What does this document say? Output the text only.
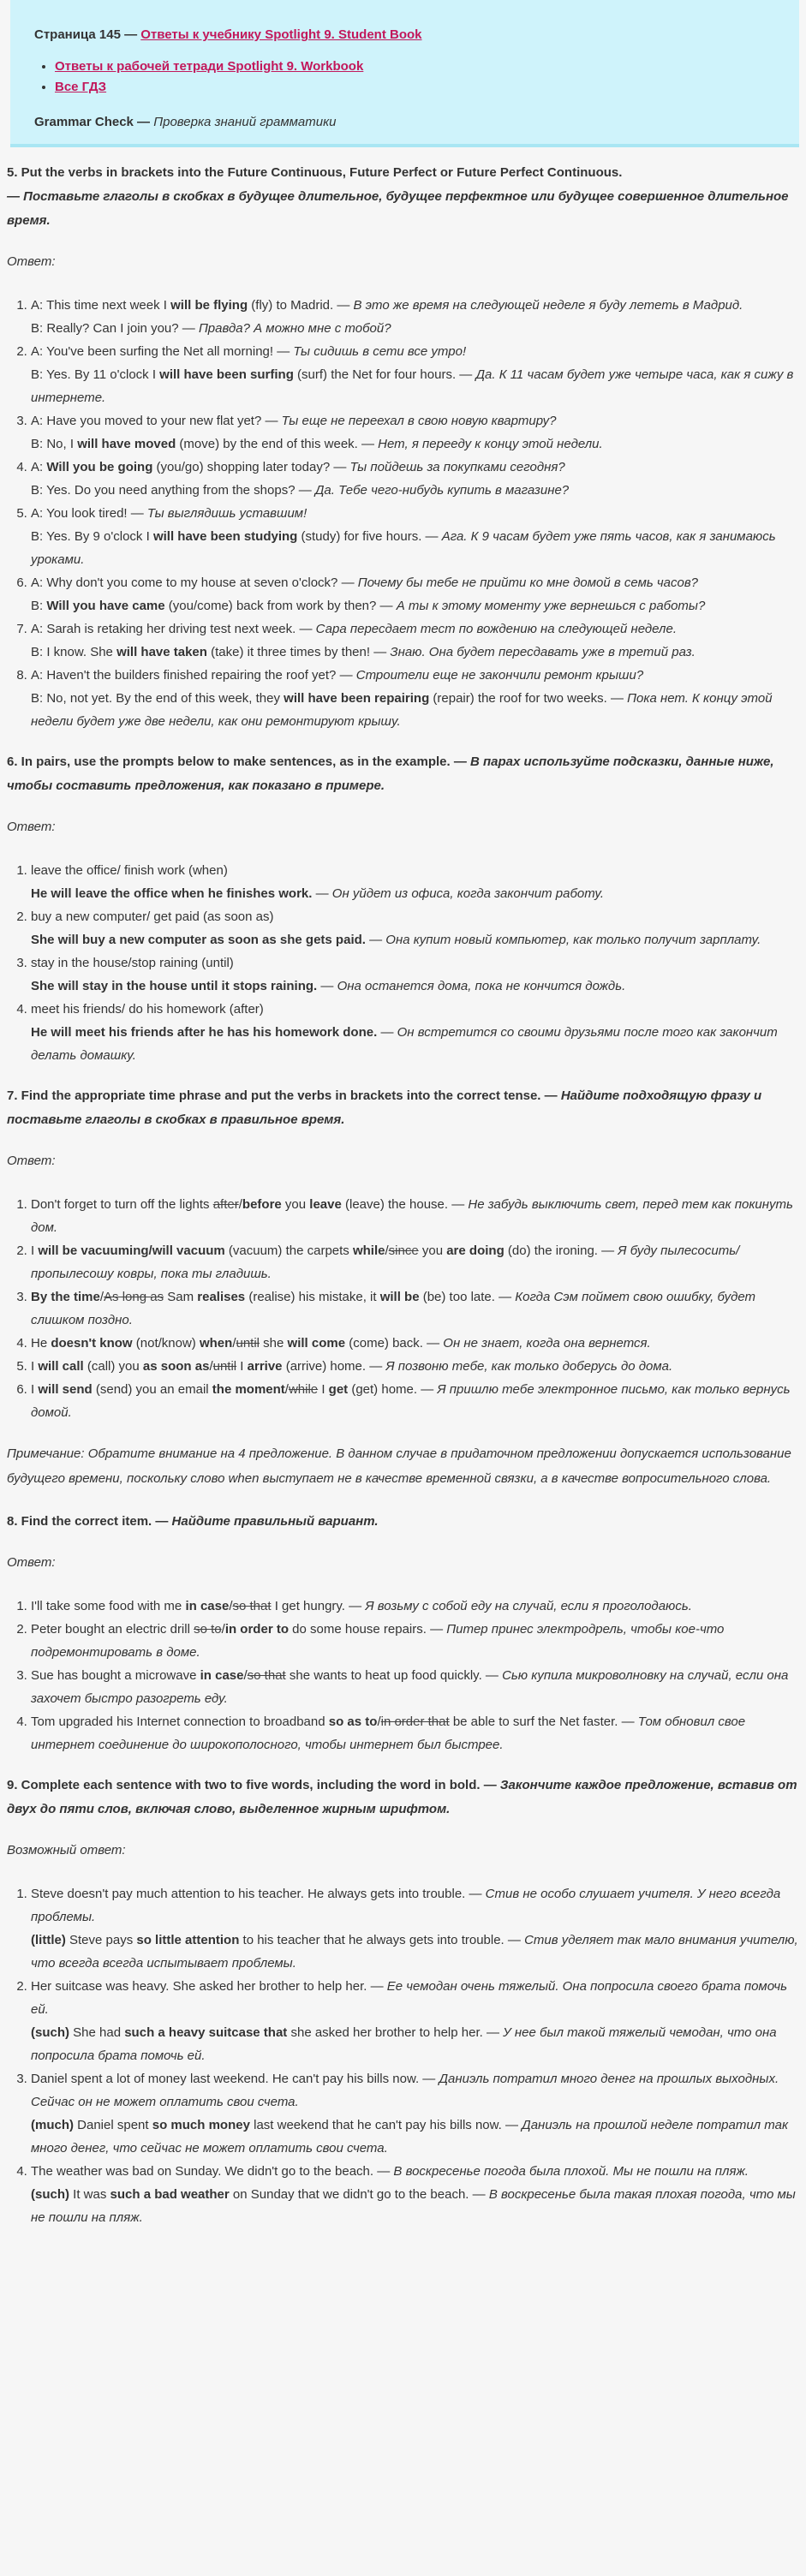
Страница 145 — Ответы к учебнику Spotlight 9. Student Book
• Ответы к рабочей тетради Spotlight 9. Workbook
• Все ГДЗ
Grammar Check — Проверка знаний грамматики
5. Put the verbs in brackets into the Future Continuous, Future Perfect or Future Perfect Continuous.
— Поставьте глаголы в скобках в будущее длительное, будущее перфектное или будущее совершенное длительное время.
Ответ:
1. A: This time next week I will be flying (fly) to Madrid. — В это же время на следующей неделе я буду лететь в Мадрид.
B: Really? Can I join you? — Правда? А можно мне с тобой?
2. A: You've been surfing the Net all morning! — Ты сидишь в сети все утро!
B: Yes. By 11 o'clock I will have been surfing (surf) the Net for four hours. — Да. К 11 часам будет уже четыре часа, как я сижу в интернете.
3. A: Have you moved to your new flat yet? — Ты еще не переехал в свою новую квартиру?
B: No, I will have moved (move) by the end of this week. — Нет, я перееду к концу этой недели.
4. A: Will you be going (you/go) shopping later today? — Ты пойдешь за покупками сегодня?
B: Yes. Do you need anything from the shops? — Да. Тебе чего-нибудь купить в магазине?
5. A: You look tired! — Ты выглядишь уставшим!
B: Yes. By 9 o'clock I will have been studying (study) for five hours. — Ага. К 9 часам будет уже пять часов, как я занимаюсь уроками.
6. A: Why don't you come to my house at seven o'clock? — Почему бы тебе не прийти ко мне домой в семь часов?
B: Will you have came (you/come) back from work by then? — А ты к этому моменту уже вернешься с работы?
7. A: Sarah is retaking her driving test next week. — Сара пересдает тест по вождению на следующей неделе.
B: I know. She will have taken (take) it three times by then! — Знаю. Она будет пересдавать уже в третий раз.
8. A: Haven't the builders finished repairing the roof yet? — Строители еще не закончили ремонт крыши?
B: No, not yet. By the end of this week, they will have been repairing (repair) the roof for two weeks. — Пока нет. К концу этой недели будет уже две недели, как они ремонтируют крышу.
6. In pairs, use the prompts below to make sentences, as in the example. — В парах используйте подсказки, данные ниже, чтобы составить предложения, как показано в примере.
Ответ:
1. leave the office/ finish work (when)
He will leave the office when he finishes work. — Он уйдет из офиса, когда закончит работу.
2. buy a new computer/ get paid (as soon as)
She will buy a new computer as soon as she gets paid. — Она купит новый компьютер, как только получит зарплату.
3. stay in the house/stop raining (until)
She will stay in the house until it stops raining. — Она останется дома, пока не кончится дождь.
4. meet his friends/ do his homework (after)
He will meet his friends after he has his homework done. — Он встретится со своими друзьями после того как закончит делать домашку.
7. Find the appropriate time phrase and put the verbs in brackets into the correct tense. — Найдите подходящую фразу и поставьте глаголы в скобках в правильное время.
Ответ:
1. Don't forget to turn off the lights after/before you leave (leave) the house. — Не забудь выключить свет, перед тем как покинуть дом.
2. I will be vacuuming/will vacuum (vacuum) the carpets while/since you are doing (do) the ironing. — Я буду пылесосить/пропылесошу ковры, пока ты гладишь.
3. By the time/As long as Sam realises (realise) his mistake, it will be (be) too late. — Когда Сэм поймет свою ошибку, будет слишком поздно.
4. He doesn't know (not/know) when/until she will come (come) back. — Он не знает, когда она вернется.
5. I will call (call) you as soon as/until I arrive (arrive) home. — Я позвоню тебе, как только доберусь до дома.
6. I will send (send) you an email the moment/while I get (get) home. — Я пришлю тебе электронное письмо, как только вернусь домой.
Примечание: Обратите внимание на 4 предложение. В данном случае в придаточном предложении допускается использование будущего времени, поскольку слово when выступает не в качестве временной связки, а в качестве вопросительного слова.
8. Find the correct item. — Найдите правильный вариант.
Ответ:
1. I'll take some food with me in case/so that I get hungry. — Я возьму с собой еду на случай, если я проголодаюсь.
2. Peter bought an electric drill so to/in order to do some house repairs. — Питер принес электродрель, чтобы кое-что подремонтировать в доме.
3. Sue has bought a microwave in case/so that she wants to heat up food quickly. — Сью купила микроволновку на случай, если она захочет быстро разогреть еду.
4. Tom upgraded his Internet connection to broadband so as to/in order that be able to surf the Net faster. — Том обновил свое интернет соединение до широкополосного, чтобы интернет был быстрее.
9. Complete each sentence with two to five words, including the word in bold. — Закончите каждое предложение, вставив от двух до пяти слов, включая слово, выделенное жирным шрифтом.
Возможный ответ:
1. Steve doesn't pay much attention to his teacher. He always gets into trouble. — Стив не особо слушает учителя. У него всегда проблемы.
(little) Steve pays so little attention to his teacher that he always gets into trouble. — Стив уделяет так мало внимания учителю, что всегда всегда испытывает проблемы.
2. Her suitcase was heavy. She asked her brother to help her. — Ее чемодан очень тяжелый. Она попросила своего брата помочь ей.
(such) She had such a heavy suitcase that she asked her brother to help her. — У нее был такой тяжелый чемодан, что она попросила брата помочь ей.
3. Daniel spent a lot of money last weekend. He can't pay his bills now. — Даниэль потратил много денег на прошлых выходных. Сейчас он не может оплатить свои счета.
(much) Daniel spent so much money last weekend that he can't pay his bills now. — Даниэль на прошлой неделе потратил так много денег, что сейчас не может оплатить свои счета.
4. The weather was bad on Sunday. We didn't go to the beach. — В воскресенье погода была плохой. Мы не пошли на пляж.
(such) It was such a bad weather on Sunday that we didn't go to the beach. — В воскресенье была такая плохая погода, что мы не пошли на пляж.
